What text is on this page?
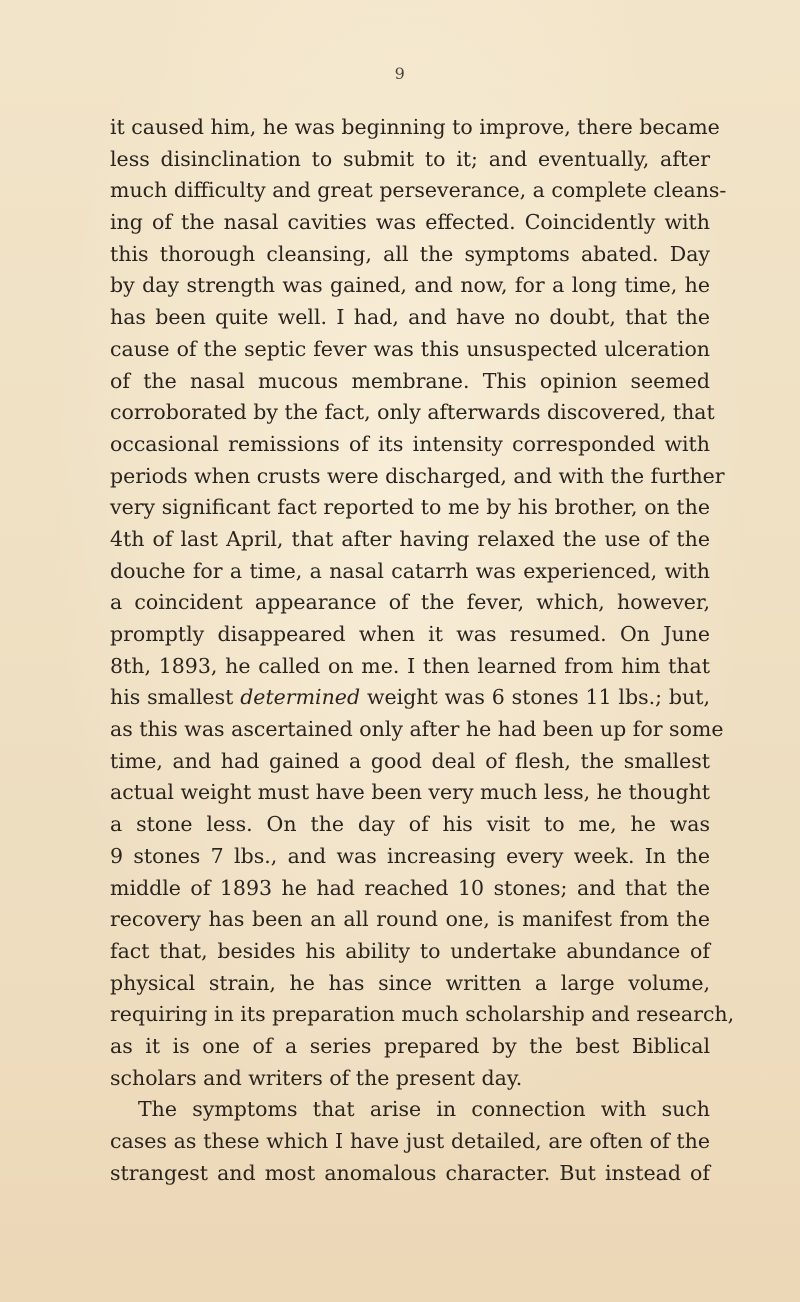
9
it caused him, he was beginning to improve, there became
less disinclination to submit to it; and eventually, after
much difficulty and great perseverance, a complete cleans-
ing of the nasal cavities was effected. Coincidently with
this thorough cleansing, all the symptoms abated. Day
by day strength was gained, and now, for a long time, he
has been quite well. I had, and have no doubt, that the
cause of the septic fever was this unsuspected ulceration
of the nasal mucous membrane. This opinion seemed
corroborated by the fact, only afterwards discovered, that
occasional remissions of its intensity corresponded with
periods when crusts were discharged, and with the further
very significant fact reported to me by his brother, on the
4th of last April, that after having relaxed the use of the
douche for a time, a nasal catarrh was experienced, with
a coincident appearance of the fever, which, however,
promptly disappeared when it was resumed. On June
8th, 1893, he called on me. I then learned from him that
his smallest determined weight was 6 stones 11 lbs.; but,
as this was ascertained only after he had been up for some
time, and had gained a good deal of flesh, the smallest
actual weight must have been very much less, he thought
a stone less. On the day of his visit to me, he was
9 stones 7 lbs., and was increasing every week. In the
middle of 1893 he had reached 10 stones; and that the
recovery has been an all round one, is manifest from the
fact that, besides his ability to undertake abundance of
physical strain, he has since written a large volume,
requiring in its preparation much scholarship and research,
as it is one of a series prepared by the best Biblical
scholars and writers of the present day.
The symptoms that arise in connection with such
cases as these which I have just detailed, are often of the
strangest and most anomalous character. But instead of
